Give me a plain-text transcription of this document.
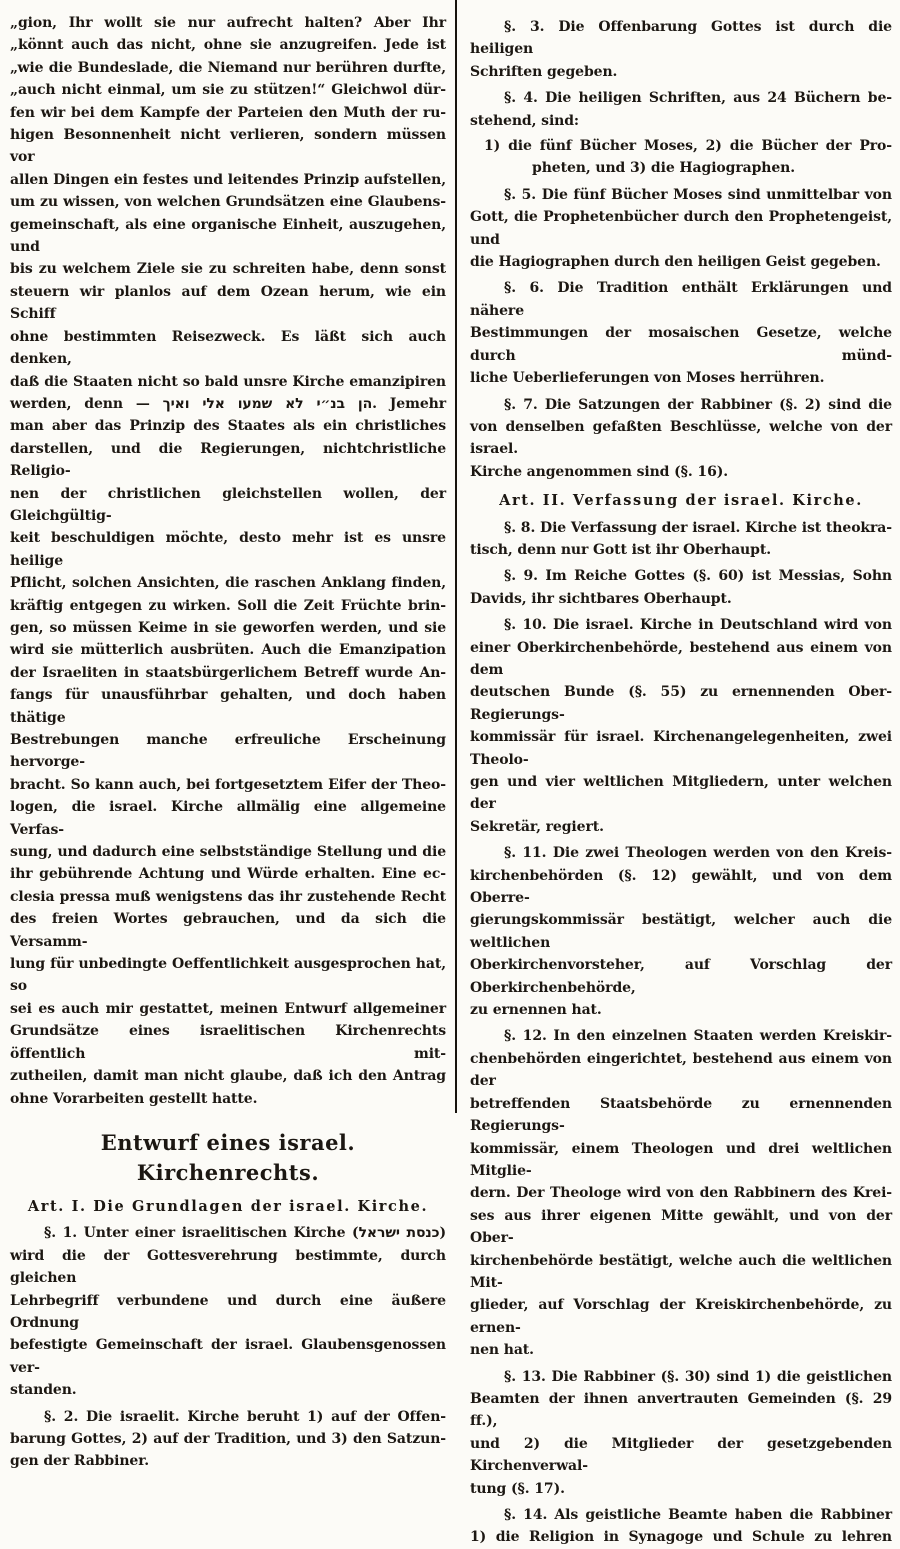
„gion, Ihr wollt sie nur aufrecht halten? Aber Ihr
„könnt auch das nicht, ohne sie anzugreifen. Jede ist
„wie die Bundeslade, die Niemand nur berühren durfte,
„auch nicht einmal, um sie zu stützen!“ Gleichwol dür-
fen wir bei dem Kampfe der Parteien den Muth der ru-
higen Besonnenheit nicht verlieren, sondern müssen vor
allen Dingen ein festes und leitendes Prinzip aufstellen,
um zu wissen, von welchen Grundsätzen eine Glaubens-
gemeinschaft, als eine organische Einheit, auszugehen, und
bis zu welchem Ziele sie zu schreiten habe, denn sonst
steuern wir planlos auf dem Ozean herum, wie ein Schiff
ohne bestimmten Reisezweck. Es läßt sich auch denken,
daß die Staaten nicht so bald unsre Kirche emanzipiren
werden, denn — הן בנ״י לא שמעו אלי ואיך. Jemehr
man aber das Prinzip des Staates als ein christliches
darstellen, und die Regierungen, nichtchristliche Religio-
nen der christlichen gleichstellen wollen, der Gleichgültig-
keit beschuldigen möchte, desto mehr ist es unsre heilige
Pflicht, solchen Ansichten, die raschen Anklang finden,
kräftig entgegen zu wirken. Soll die Zeit Früchte brin-
gen, so müssen Keime in sie geworfen werden, und sie
wird sie mütterlich ausbrüten. Auch die Emanzipation
der Israeliten in staatsbürgerlichem Betreff wurde An-
fangs für unausführbar gehalten, und doch haben thätige
Bestrebungen manche erfreuliche Erscheinung hervorge-
bracht. So kann auch, bei fortgesetztem Eifer der Theo-
logen, die israel. Kirche allmälig eine allgemeine Verfas-
sung, und dadurch eine selbstständige Stellung und die
ihr gebührende Achtung und Würde erhalten. Eine ec-
clesia pressa muß wenigstens das ihr zustehende Recht
des freien Wortes gebrauchen, und da sich die Versamm-
lung für unbedingte Oeffentlichkeit ausgesprochen hat, so
sei es auch mir gestattet, meinen Entwurf allgemeiner
Grundsätze eines israelitischen Kirchenrechts öffentlich mit-
zutheilen, damit man nicht glaube, daß ich den Antrag
ohne Vorarbeiten gestellt hatte.
Entwurf eines israel. Kirchenrechts.
Art. I. Die Grundlagen der israel. Kirche.
§. 1. Unter einer israelitischen Kirche (כנסת ישראל)
wird die der Gottesverehrung bestimmte, durch gleichen
Lehrbegriff verbundene und durch eine äußere Ordnung
befestigte Gemeinschaft der israel. Glaubensgenossen ver-
standen.
§. 2. Die israelit. Kirche beruht 1) auf der Offen-
barung Gottes, 2) auf der Tradition, und 3) den Satzun-
gen der Rabbiner.
§. 3. Die Offenbarung Gottes ist durch die heiligen
Schriften gegeben.
§. 4. Die heiligen Schriften, aus 24 Büchern be-
stehend, sind:
1) die fünf Bücher Moses, 2) die Bücher der Pro-
pheten, und 3) die Hagiographen.
§. 5. Die fünf Bücher Moses sind unmittelbar von
Gott, die Prophetenbücher durch den Prophetengeist, und
die Hagiographen durch den heiligen Geist gegeben.
§. 6. Die Tradition enthält Erklärungen und nähere
Bestimmungen der mosaischen Gesetze, welche durch münd-
liche Ueberlieferungen von Moses herrühren.
§. 7. Die Satzungen der Rabbiner (§. 2) sind die
von denselben gefaßten Beschlüsse, welche von der israel.
Kirche angenommen sind (§. 16).
Art. II. Verfassung der israel. Kirche.
§. 8. Die Verfassung der israel. Kirche ist theokra-
tisch, denn nur Gott ist ihr Oberhaupt.
§. 9. Im Reiche Gottes (§. 60) ist Messias, Sohn
Davids, ihr sichtbares Oberhaupt.
§. 10. Die israel. Kirche in Deutschland wird von
einer Oberkirchenbehörde, bestehend aus einem von dem
deutschen Bunde (§. 55) zu ernennenden Ober-Regierungs-
kommissär für israel. Kirchenangelegenheiten, zwei Theolo-
gen und vier weltlichen Mitgliedern, unter welchen der
Sekretär, regiert.
§. 11. Die zwei Theologen werden von den Kreis-
kirchenbehörden (§. 12) gewählt, und von dem Oberre-
gierungskommissär bestätigt, welcher auch die weltlichen
Oberkirchenvorsteher, auf Vorschlag der Oberkirchenbehörde,
zu ernennen hat.
§. 12. In den einzelnen Staaten werden Kreiskir-
chenbehörden eingerichtet, bestehend aus einem von der
betreffenden Staatsbehörde zu ernennenden Regierungs-
kommissär, einem Theologen und drei weltlichen Mitglie-
dern. Der Theologe wird von den Rabbinern des Krei-
ses aus ihrer eigenen Mitte gewählt, und von der Ober-
kirchenbehörde bestätigt, welche auch die weltlichen Mit-
glieder, auf Vorschlag der Kreiskirchenbehörde, zu ernen-
nen hat.
§. 13. Die Rabbiner (§. 30) sind 1) die geistlichen
Beamten der ihnen anvertrauten Gemeinden (§. 29 ff.),
und 2) die Mitglieder der gesetzgebenden Kirchenverwal-
tung (§. 17).
§. 14. Als geistliche Beamte haben die Rabbiner
1) die Religion in Synagoge und Schule zu lehren
